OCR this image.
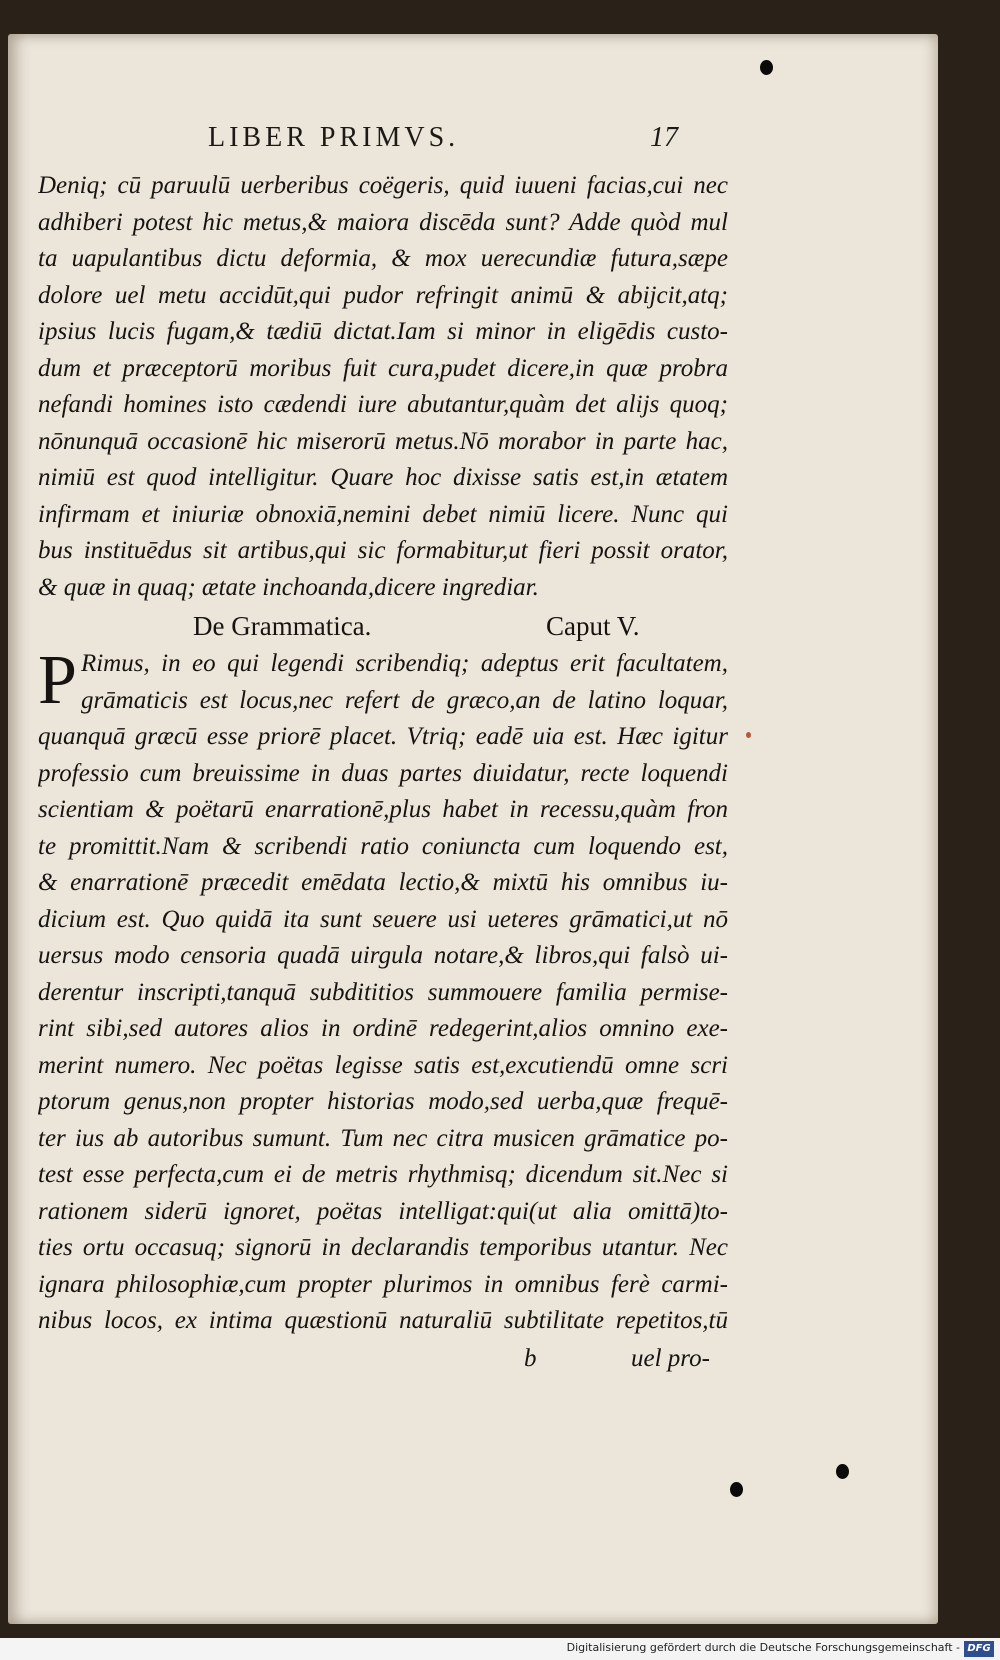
LIBER PRIMVS.	17
Deniq; cū paruulū uerberibus coëgeris, quid iuueni facias,cui nec
adhiberi potest hic metus,& maiora discēda sunt? Adde quòd mul
ta uapulantibus dictu deformia, & mox uerecundiæ futura,sæpe
dolore uel metu accidūt,qui pudor refringit animū & abijcit,atq;
ipsius lucis fugam,& tædiū dictat.Iam si minor in eligēdis custo-
dum et præceptorū moribus fuit cura,pudet dicere,in quæ probra
nefandi homines isto cædendi iure abutantur,quàm det alijs quoq;
nōnunquā occasionē hic miserorū metus.Nō morabor in parte hac,
nimiū est quod intelligitur. Quare hoc dixisse satis est,in ætatem
infirmam et iniuriæ obnoxiā,nemini debet nimiū licere. Nunc qui
bus instituēdus sit artibus,qui sic formabitur,ut fieri possit orator,
& quæ in quaq; ætate inchoanda,dicere ingrediar.
De Grammatica.	Caput V.
P Rimus, in eo qui legendi scribendiq; adeptus erit facultatem,
grāmaticis est locus,nec refert de græco,an de latino loquar,
quanquā græcū esse priorē placet. Vtriq; eadē uia est. Hæc igitur
professio cum breuissime in duas partes diuidatur, recte loquendi
scientiam & poëtarū enarrationē,plus habet in recessu,quàm fron
te promittit.Nam & scribendi ratio coniuncta cum loquendo est,
& enarrationē præcedit emēdata lectio,& mixtū his omnibus iu-
dicium est. Quo quidā ita sunt seuere usi ueteres grāmatici,ut nō
uersus modo censoria quadā uirgula notare,& libros,qui falsò ui-
derentur inscripti,tanquā subdititios summouere familia permise-
rint sibi,sed autores alios in ordinē redegerint,alios omnino exe-
merint numero. Nec poëtas legisse satis est,excutiendū omne scri
ptorum genus,non propter historias modo,sed uerba,quæ frequē-
ter ius ab autoribus sumunt. Tum nec citra musicen grāmatice po-
test esse perfecta,cum ei de metris rhythmisq; dicendum sit.Nec si
rationem siderū ignoret, poëtas intelligat:qui(ut alia omittā)to-
ties ortu occasuq; signorū in declarandis temporibus utantur. Nec
ignara philosophiæ,cum propter plurimos in omnibus ferè carmi-
nibus locos, ex intima quæstionū naturaliū subtilitate repetitos,tū
b	uel pro-
Digitalisierung gefördert durch die Deutsche Forschungsgemeinschaft - DFG
